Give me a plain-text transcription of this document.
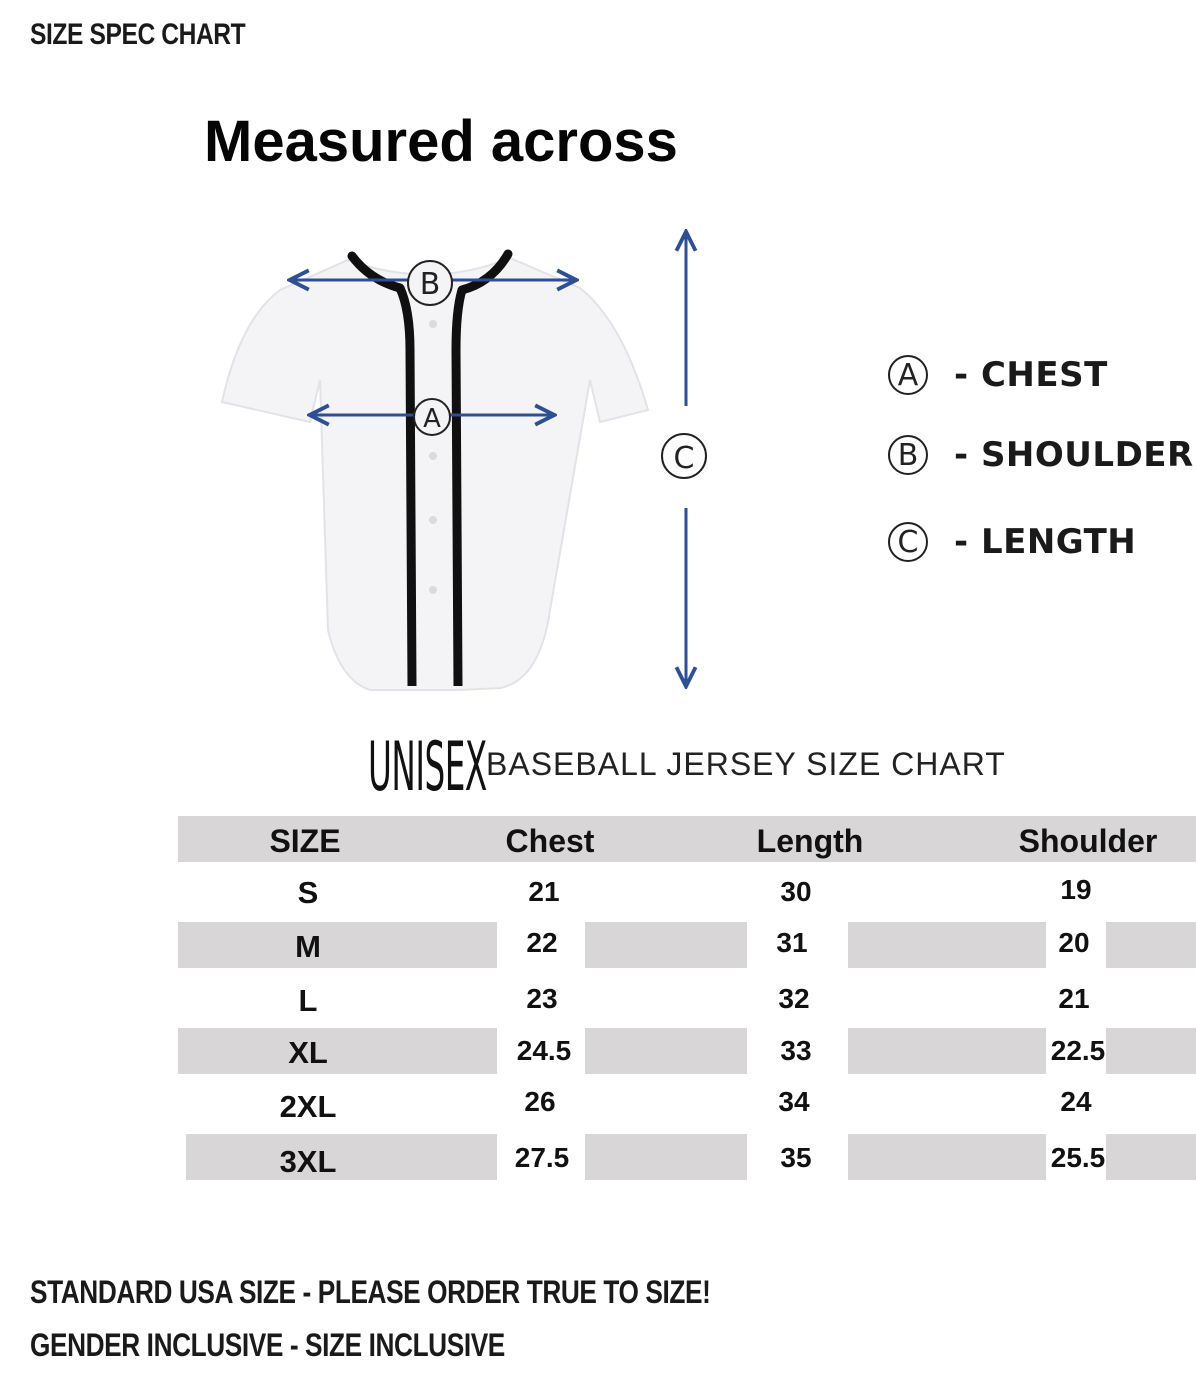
SIZE SPEC CHART
Measured across
B
A
C
A - CHEST
B - SHOULDER
C - LENGTH
UNISEX BASEBALL JERSEY SIZE CHART
SIZE	Chest	Length	Shoulder
S	21	30	19
M	22	31	20
L	23	32	21
XL	24.5	33	22.5
2XL	26	34	24
3XL	27.5	35	25.5
STANDARD USA SIZE - PLEASE ORDER TRUE TO SIZE!
GENDER INCLUSIVE - SIZE INCLUSIVE
